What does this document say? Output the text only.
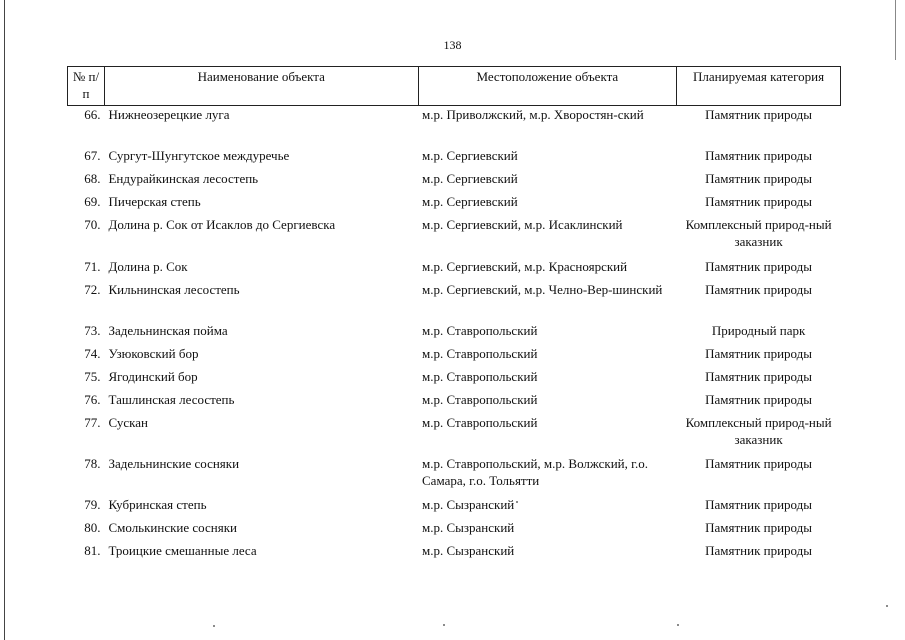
138
№ п/п	Наименование объекта	Местоположение объекта	Планируемая категория
66.	Нижнеозерецкие луга	м.р. Приволжский, м.р. Хворостян-ский	Памятник природы
67.	Сургут-Шунгутское междуречье	м.р. Сергиевский	Памятник природы
68.	Ендурайкинская лесостепь	м.р. Сергиевский	Памятник природы
69.	Пичерская степь	м.р. Сергиевский	Памятник природы
70.	Долина р. Сок от Исаклов до Сергиевска	м.р. Сергиевский, м.р. Исаклинский	Комплексный природ-ный заказник
71.	Долина р. Сок	м.р. Сергиевский, м.р. Красноярский	Памятник природы
72.	Кильнинская лесостепь	м.р. Сергиевский, м.р. Челно-Вер-шинский	Памятник природы
73.	Задельнинская пойма	м.р. Ставропольский	Природный парк
74.	Узюковский бор	м.р. Ставропольский	Памятник природы
75.	Ягодинский бор	м.р. Ставропольский	Памятник природы
76.	Ташлинская лесостепь	м.р. Ставропольский	Памятник природы
77.	Сускан	м.р. Ставропольский	Комплексный природ-ный заказник
78.	Задельнинские сосняки	м.р. Ставропольский, м.р. Волжский, г.о. Самара, г.о. Тольятти	Памятник природы
79.	Кубринская степь	м.р. Сызранский	Памятник природы
80.	Смолькинские сосняки	м.р. Сызранский	Памятник природы
81.	Троицкие смешанные леса	м.р. Сызранский	Памятник природы
